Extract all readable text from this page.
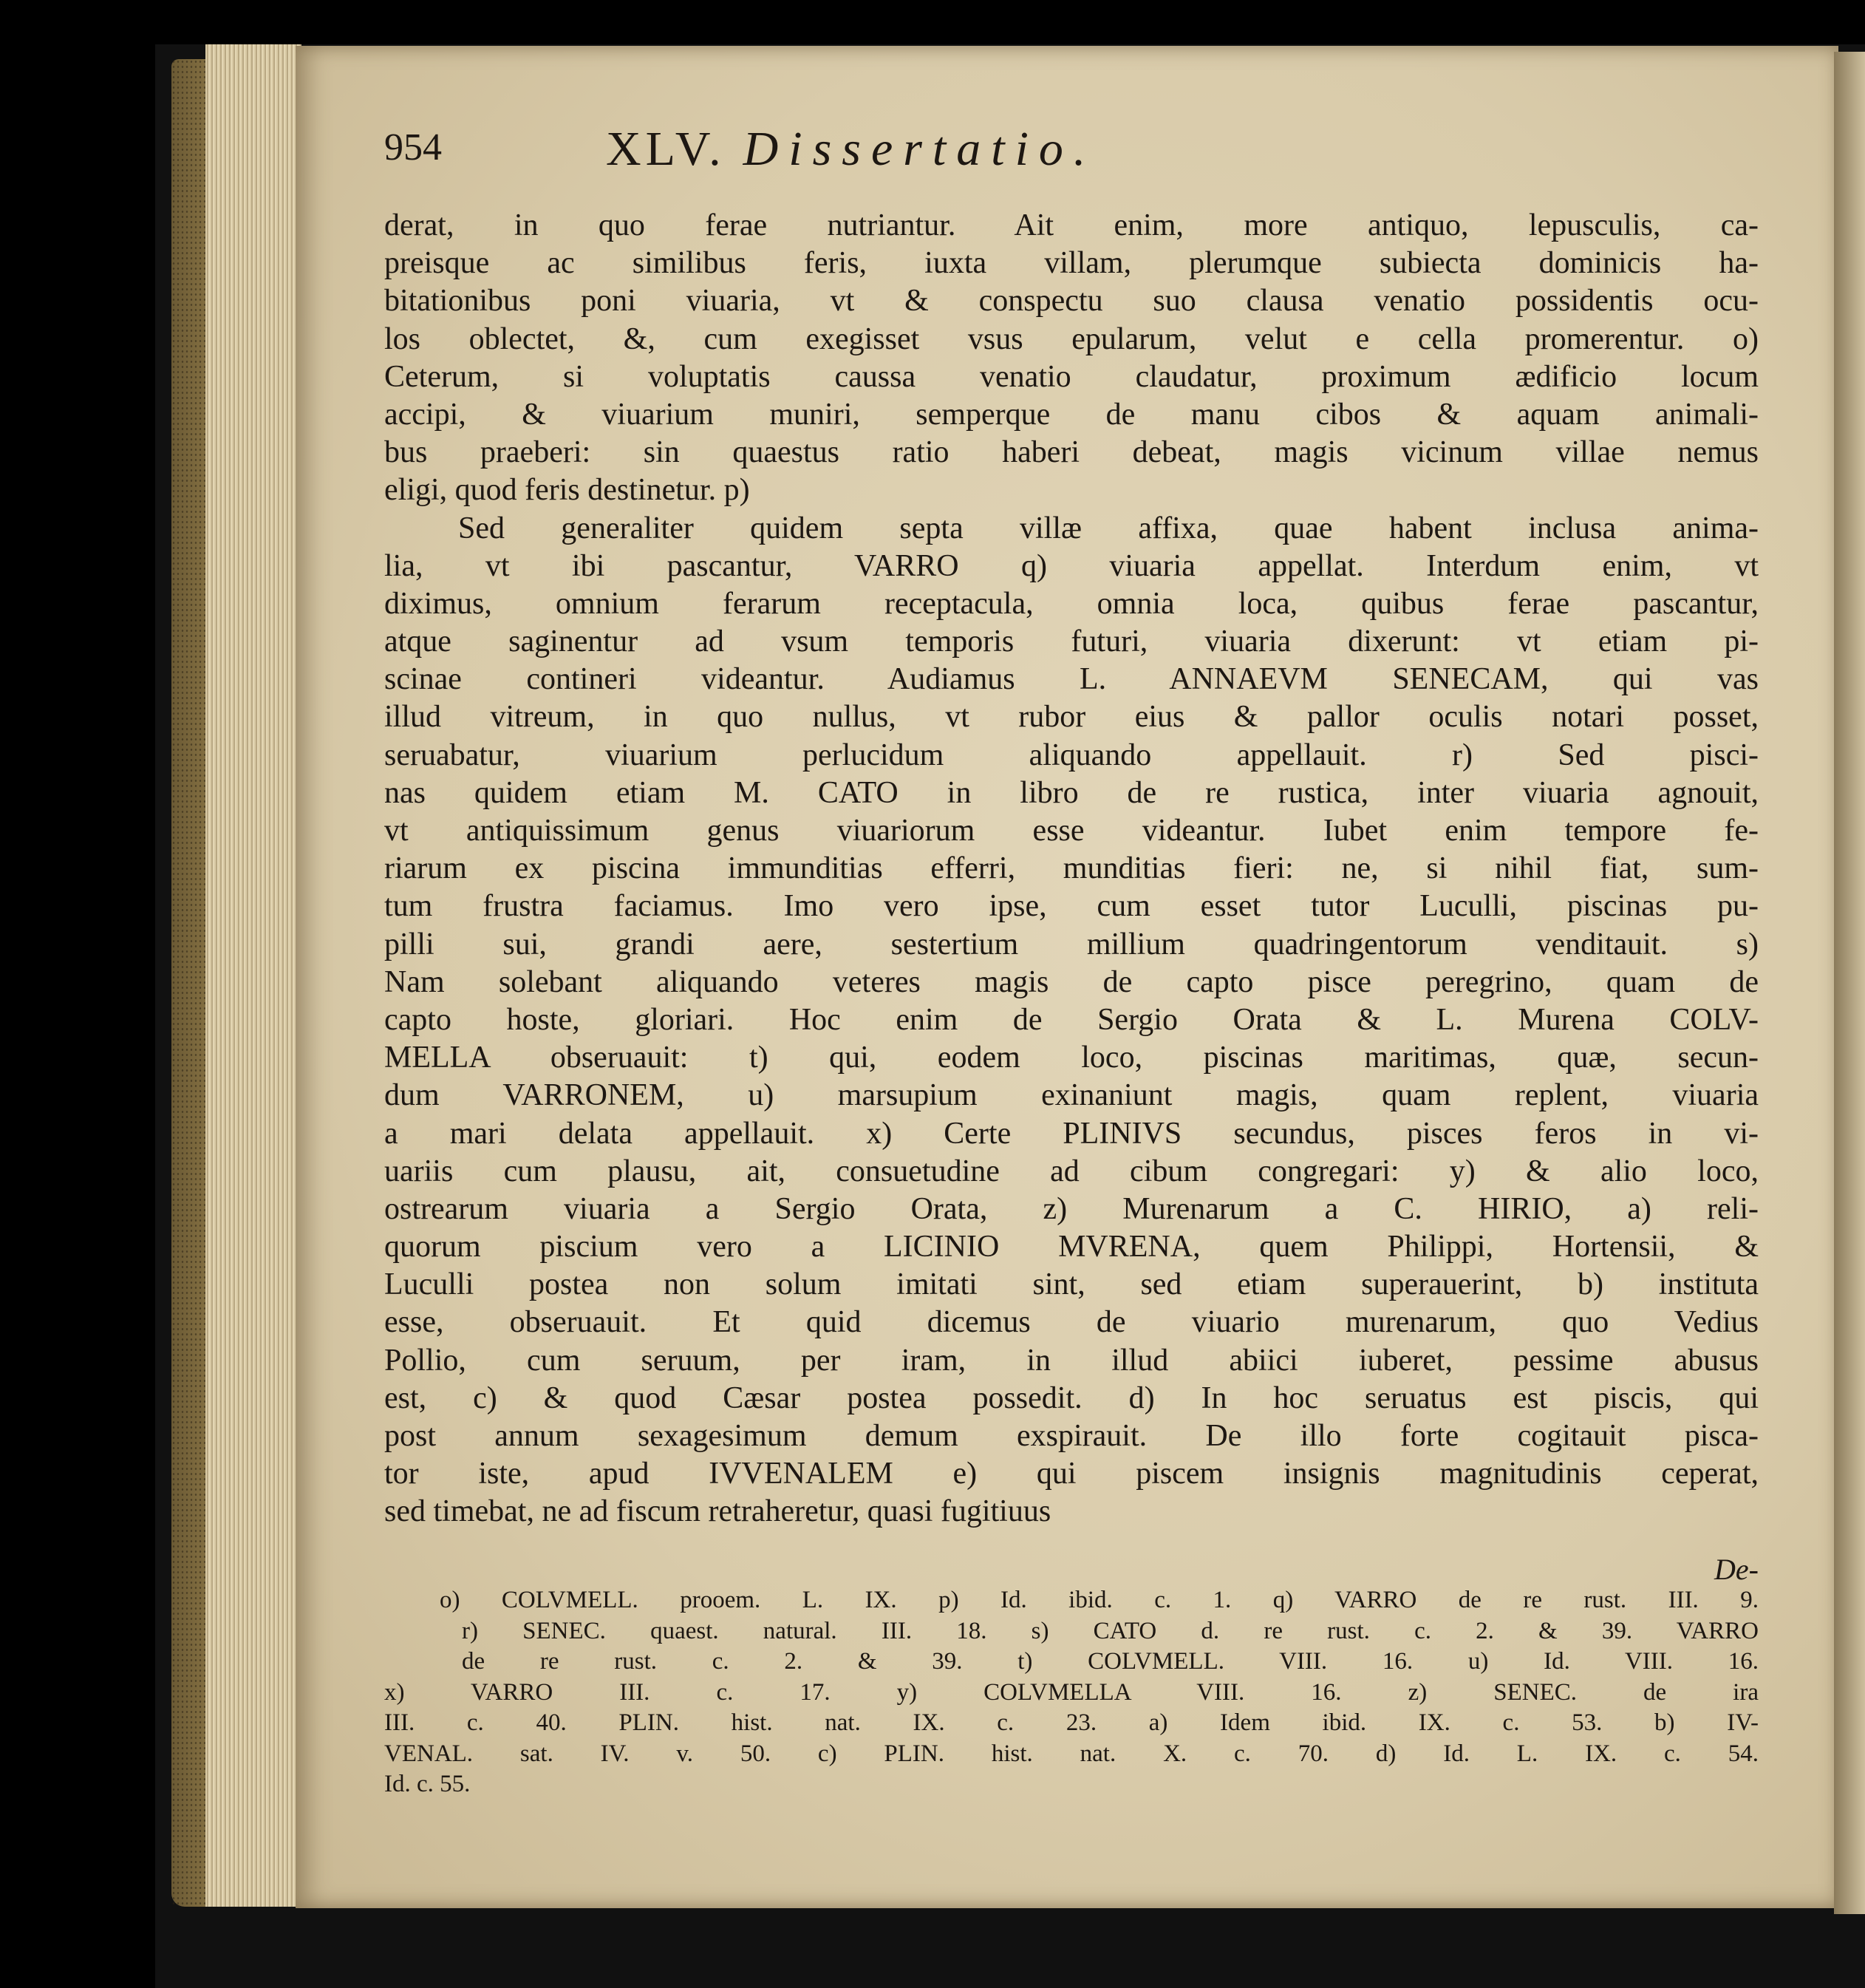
954	XLV. Dissertatio.
derat, in quo ferae nutriantur. Ait enim, more antiquo, lepusculis, ca-
preisque ac similibus feris, iuxta villam, plerumque subiecta dominicis ha-
bitationibus poni viuaria, vt & conspectu suo clausa venatio possidentis ocu-
los oblectet, &, cum exegisset vsus epularum, velut e cella promerentur. o)
Ceterum, si voluptatis caussa venatio claudatur, proximum ædificio locum
accipi, & viuarium muniri, semperque de manu cibos & aquam animali-
bus praeberi: sin quaestus ratio haberi debeat, magis vicinum villae nemus
eligi, quod feris destinetur. p)
Sed generaliter quidem septa villæ affixa, quae habent inclusa anima-
lia, vt ibi pascantur, VARRO q) viuaria appellat. Interdum enim, vt
diximus, omnium ferarum receptacula, omnia loca, quibus ferae pascantur,
atque saginentur ad vsum temporis futuri, viuaria dixerunt: vt etiam pi-
scinae contineri videantur. Audiamus L. ANNAEVM SENECAM, qui vas
illud vitreum, in quo nullus, vt rubor eius & pallor oculis notari posset,
seruabatur, viuarium perlucidum aliquando appellauit. r) Sed pisci-
nas quidem etiam M. CATO in libro de re rustica, inter viuaria agnouit,
vt antiquissimum genus viuariorum esse videantur. Iubet enim tempore fe-
riarum ex piscina immunditias efferri, munditias fieri: ne, si nihil fiat, sum-
tum frustra faciamus. Imo vero ipse, cum esset tutor Luculli, piscinas pu-
pilli sui, grandi aere, sestertium millium quadringentorum venditauit. s)
Nam solebant aliquando veteres magis de capto pisce peregrino, quam de
capto hoste, gloriari. Hoc enim de Sergio Orata & L. Murena COLV-
MELLA obseruauit: t) qui, eodem loco, piscinas maritimas, quæ, secun-
dum VARRONEM, u) marsupium exinaniunt magis, quam replent, viuaria
a mari delata appellauit. x) Certe PLINIVS secundus, pisces feros in vi-
uariis cum plausu, ait, consuetudine ad cibum congregari: y) & alio loco,
ostrearum viuaria a Sergio Orata, z) Murenarum a C. HIRIO, a) reli-
quorum piscium vero a LICINIO MVRENA, quem Philippi, Hortensii, &
Luculli postea non solum imitati sint, sed etiam superauerint, b) instituta
esse, obseruauit. Et quid dicemus de viuario murenarum, quo Vedius
Pollio, cum seruum, per iram, in illud abiici iuberet, pessime abusus
est, c) & quod Cæsar postea possedit. d) In hoc seruatus est piscis, qui
post annum sexagesimum demum exspirauit. De illo forte cogitauit pisca-
tor iste, apud IVVENALEM e) qui piscem insignis magnitudinis ceperat,
sed timebat, ne ad fiscum retraheretur, quasi fugitiuus
De-
o) COLVMELL. prooem. L. IX. p) Id. ibid. c. 1. q) VARRO de re rust. III. 9.
r) SENEC. quaest. natural. III. 18. s) CATO d. re rust. c. 2. & 39. VARRO
de re rust. c. 2. & 39. t) COLVMELL. VIII. 16. u) Id. VIII. 16.
x) VARRO III. c. 17. y) COLVMELLA VIII. 16. z) SENEC. de ira
III. c. 40. PLIN. hist. nat. IX. c. 23. a) Idem ibid. IX. c. 53. b) IV-
VENAL. sat. IV. v. 50. c) PLIN. hist. nat. X. c. 70. d) Id. L. IX. c. 54.
Id. c. 55.
